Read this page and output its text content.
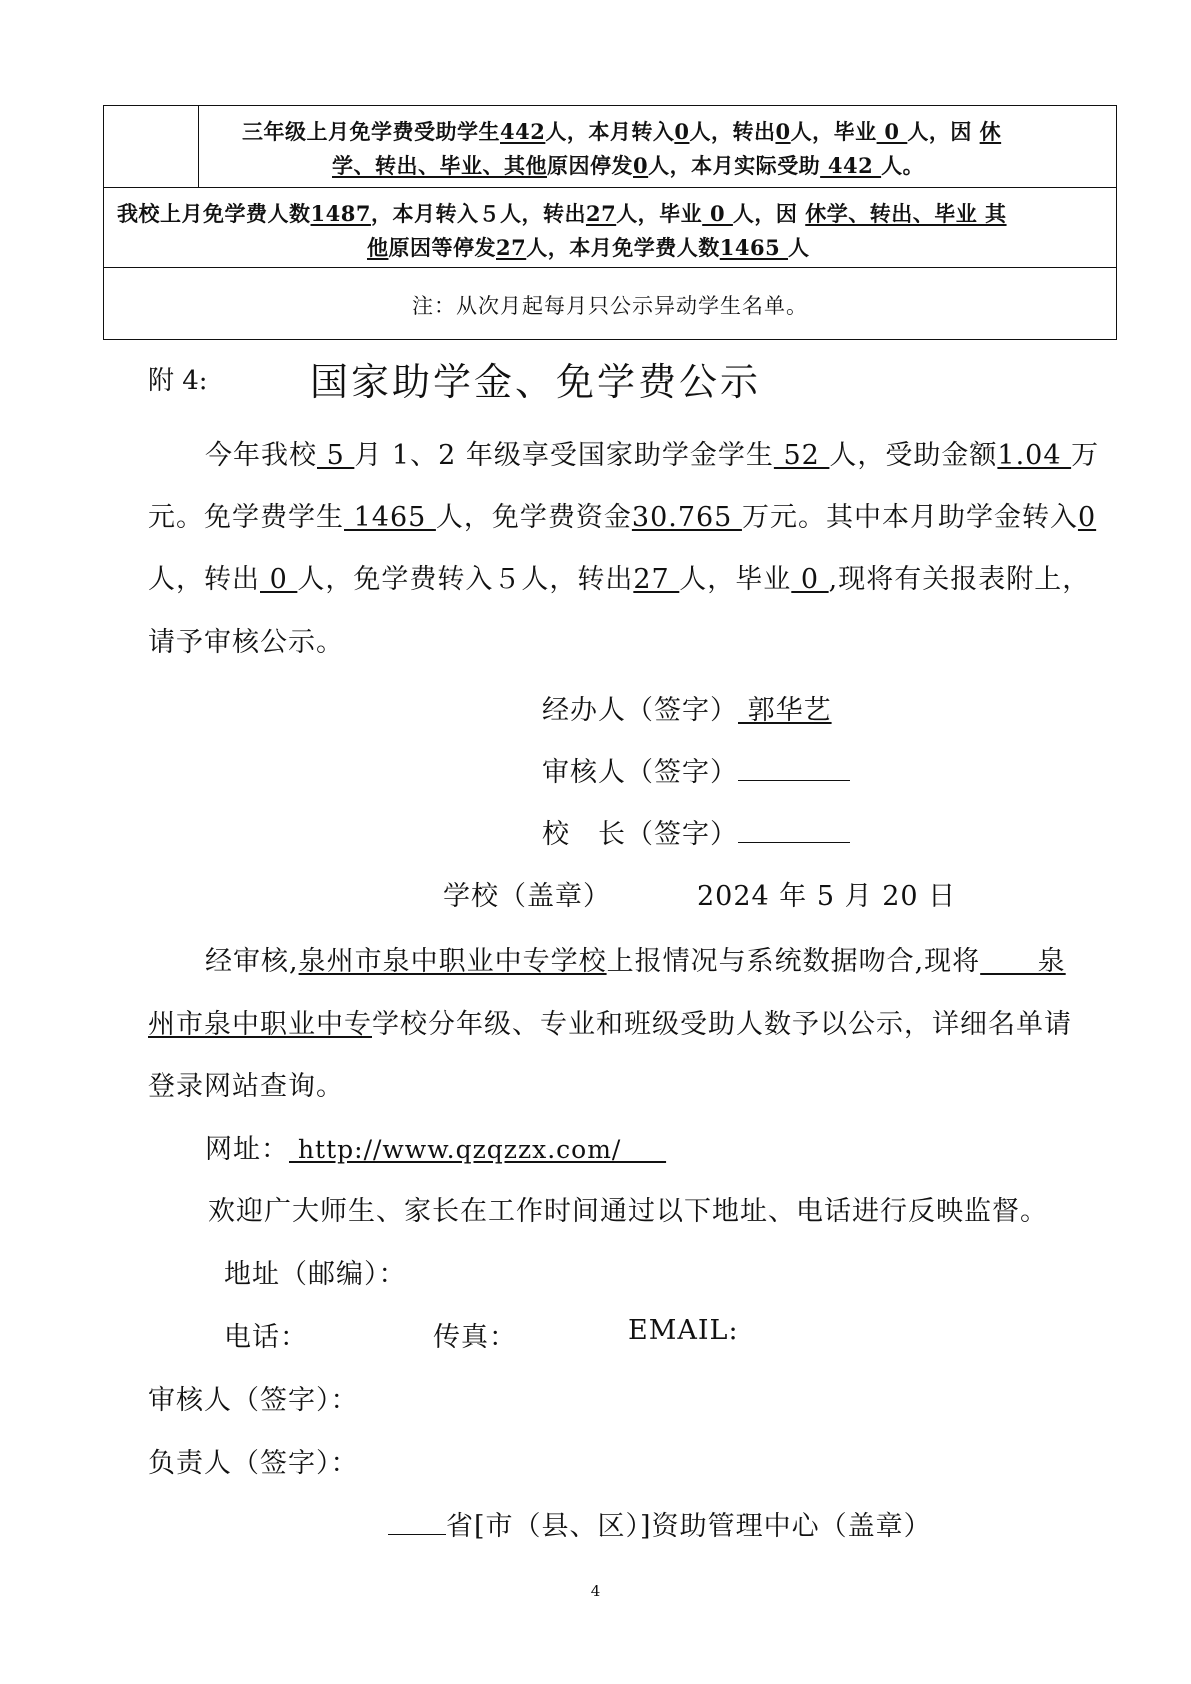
三年级上月免学费受助学生442人，本月转入0人，转出0人，毕业 0 人，因 休
学、转出、毕业、其他原因停发0人，本月实际受助 442 人。
我校上月免学费人数1487，本月转入５人，转出27人，毕业 0 人，因 休学、转出、毕业 其
他原因等停发27人，本月免学费人数1465 人
注：从次月起每月只公示异动学生名单。
附 4:	国家助学金、免学费公示
今年我校 5 月 1、2 年级享受国家助学金学生 52 人，受助金额1.04 万
元。免学费学生 1465 人，免学费资金30.765 万元。其中本月助学金转入0
人，转出 0 人，免学费转入５人，转出27 人，毕业 0 ,现将有关报表附上，
请予审核公示。
经办人（签字） 郭华艺
审核人（签字）
校　长（签字）
学校（盖章）	2024 年 5 月 20 日
经审核,泉州市泉中职业中专学校上报情况与系统数据吻合,现将      泉
州市泉中职业中专学校分年级、专业和班级受助人数予以公示，详细名单请
登录网站查询。
网址： http://www.qzqzzx.com/
欢迎广大师生、家长在工作时间通过以下地址、电话进行反映监督。
地址（邮编）：
电话：	传真：	EMAIL:
审核人（签字）：
负责人（签字）：
省[市（县、区）]资助管理中心（盖章）
4
